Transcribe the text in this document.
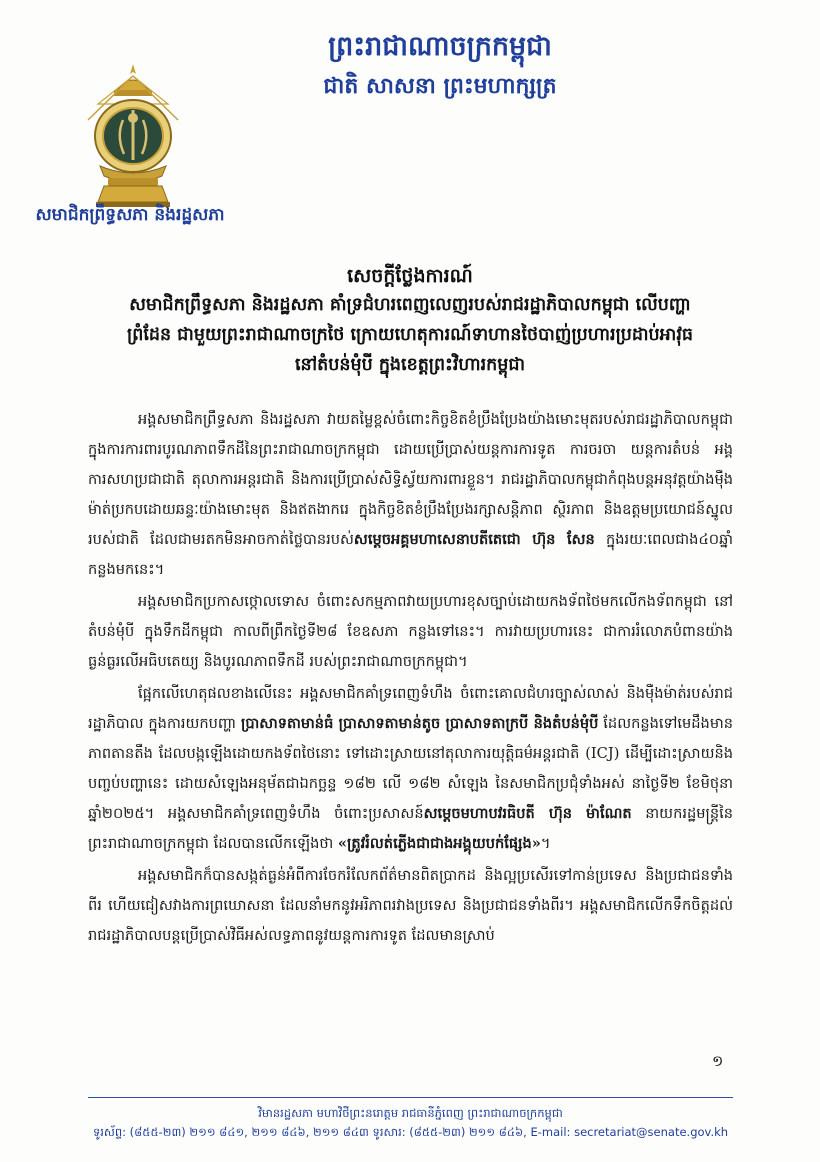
ព្រះរាជាណាចក្រកម្ពុជា
ជាតិ សាសនា ព្រះមហាក្សត្រ
សមាជិកព្រឹទ្ធសភា និងរដ្ឋសភា
សេចក្តីថ្លែងការណ៍
សមាជិកព្រឹទ្ធសភា និងរដ្ឋសភា គាំទ្រជំហរពេញលេញរបស់រាជរដ្ឋាភិបាលកម្ពុជា លើបញ្ហា
ព្រំដែន ជាមួយព្រះរាជាណាចក្រថៃ ក្រោយហេតុការណ៍ទាហានថៃបាញ់ប្រហារប្រដាប់អាវុធ
នៅតំបន់មុំបី ក្នុងខេត្តព្រះវិហារកម្ពុជា

អង្គសមាជិកព្រឹទ្ធសភា និងរដ្ឋសភា វាយតម្លៃខ្ពស់ចំពោះកិច្ចខិតខំប្រឹងប្រែងយ៉ាងមោះមុតរបស់រាជរដ្ឋាភិបាលកម្ពុជា ក្នុងការការពារបូរណភាពទឹកដីនៃព្រះរាជាណាចក្រកម្ពុជា ដោយប្រើប្រាស់យន្តការការទូត ការចរចា យន្តការតំបន់ អង្គការសហប្រជាជាតិ តុលាការអន្តរជាតិ និងការប្រើប្រាស់សិទ្ធិស្វ័យការពារខ្លួន។ រាជរដ្ឋាភិបាលកម្ពុជាកំពុងបន្តអនុវត្តយ៉ាងម៉ឺងម៉ាត់ប្រកបដោយឆន្ទៈយ៉ាងមោះមុត និងឥតងាករេ ក្នុងកិច្ចខិតខំប្រឹងប្រែងរក្សាសន្តិភាព ស្ថិរភាព និងឧត្តមប្រយោជន៍ស្នូលរបស់ជាតិ ដែលជាមរតកមិនអាចកាត់ថ្លៃបានរបស់សម្តេចអគ្គមហាសេនាបតីតេជោ ហ៊ុន សែន ក្នុងរយៈពេលជាង៤០ឆ្នាំ កន្លងមកនេះ។

អង្គសមាជិកប្រកាសថ្កោលទោស ចំពោះសកម្មភាពវាយប្រហារខុសច្បាប់ដោយកងទ័ពថៃមកលើកងទ័ពកម្ពុជា នៅតំបន់មុំបី ក្នុងទឹកដីកម្ពុជា កាលពីព្រឹកថ្ងៃទី២៨ ខែឧសភា កន្លងទៅនេះ។ ការវាយប្រហារនេះ ជាការរំលោភបំពានយ៉ាងធ្ងន់ធ្ងរលើអធិបតេយ្យ និងបូរណភាពទឹកដី របស់ព្រះរាជាណាចក្រកម្ពុជា។

ផ្អែកលើហេតុផលខាងលើនេះ អង្គសមាជិកគាំទ្រពេញទំហឹង ចំពោះគោលជំហរច្បាស់លាស់ និងម៉ឺងម៉ាត់របស់រាជរដ្ឋាភិបាល ក្នុងការយកបញ្ហា ប្រាសាទតាមាន់ធំ ប្រាសាទតាមាន់តូច ប្រាសាទតាក្របី និងតំបន់មុំបី ដែលកន្លងទៅមេដឹងមានភាពតានតឹង ដែលបង្កឡើងដោយកងទ័ពថៃនោះ ទៅដោះស្រាយនៅតុលាការយុត្តិធម៌អន្តរជាតិ (ICJ) ដើម្បីដោះស្រាយនិងបញ្ចប់បញ្ហានេះ ដោយសំឡេងអនុម័តជាឯកច្ឆន្ទ ១៨២ លើ ១៨២ សំឡេង នៃសមាជិកប្រជុំទាំងអស់ នាថ្ងៃទី២ ខែមិថុនា ឆ្នាំ២០២៥។ អង្គសមាជិកគាំទ្រពេញទំហឹង ចំពោះប្រសាសន៍សម្តេចមហាបវរធិបតី ហ៊ុន ម៉ាណែត នាយករដ្ឋមន្ត្រីនៃព្រះរាជាណាចក្រកម្ពុជា ដែលបានលើកឡើងថា «ត្រូវរំលត់ភ្លើងជាជាងអង្គុយបក់ផ្សែង»។

អង្គសមាជិកក៏បានសង្កត់ធ្ងន់អំពីការចែករំលែកព័ត៌មានពិតប្រាកដ និងល្អប្រសើរទៅកាន់ប្រទេស និងប្រជាជនទាំងពីរ ហើយជៀសវាងការព្រឃោសនា ដែលនាំមកនូវអរិភាពរវាងប្រទេស និងប្រជាជនទាំងពីរ។ អង្គសមាជិកលើកទឹកចិត្តដល់រាជរដ្ឋាភិបាលបន្តប្រើប្រាស់វិធីអស់លទ្ធភាពនូវយន្តការការទូត ដែលមានស្រាប់

១
វិមានរដ្ឋសភា មហាវិថីព្រះនរោត្តម រាជធានីភ្នំពេញ ព្រះរាជាណាចក្រកម្ពុជា
ទូរស័ព្ទ: (៨៥៥-២៣) ២១១ ៨៤១, ២១១ ៨៤៦, ២១១ ៨៤៣ ទូរសារ: (៨៥៥-២៣) ២១១ ៨៤៦, E-mail: secretariat@senate.gov.kh
